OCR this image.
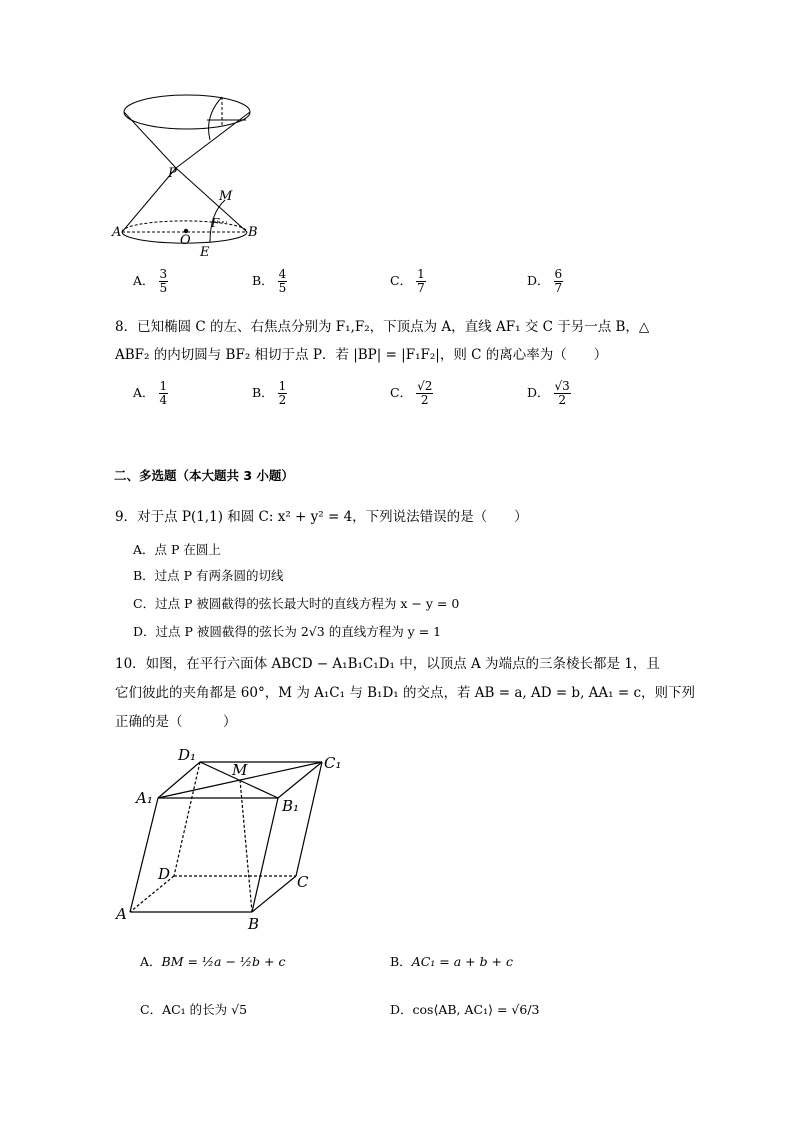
P
M
F
A
O
B
E
A． $\frac{3}{5}$	B． $\frac{4}{5}$	C． $\frac{1}{7}$	D． $\frac{6}{7}$
8．已知椭圆 C 的左、右焦点分别为 F₁,F₂，下顶点为 A，直线 AF₁ 交 C 于另一点 B，△
ABF₂ 的内切圆与 BF₂ 相切于点 P．若 |BP| = |F₁F₂|，则 C 的离心率为（　　）
A． $\frac{1}{4}$	B． $\frac{1}{2}$	C． $\frac{√2}{2}$	D． $\frac{√3}{2}$
二、多选题（本大题共 3 小题）
9．对于点 P(1,1) 和圆 C: x² + y² = 4，下列说法错误的是（　　）
A．点 P 在圆上
B．过点 P 有两条圆的切线
C．过点 P 被圆截得的弦长最大时的直线方程为 x − y = 0
D．过点 P 被圆截得的弦长为 2√3 的直线方程为 y = 1
10．如图，在平行六面体 ABCD − A₁B₁C₁D₁ 中，以顶点 A 为端点的三条棱长都是 1，且
它们彼此的夹角都是 60°，M 为 A₁C₁ 与 B₁D₁ 的交点，若 AB = a, AD = b, AA₁ = c，则下列
正确的是（　　　）
D₁
M	C₁
A₁	B₁
D	C
A
B
A．BM = ½a − ½b + c	B．AC₁ = a + b + c
C．AC₁ 的长为 √5	D．cos⟨AB, AC₁⟩ = √6/3
